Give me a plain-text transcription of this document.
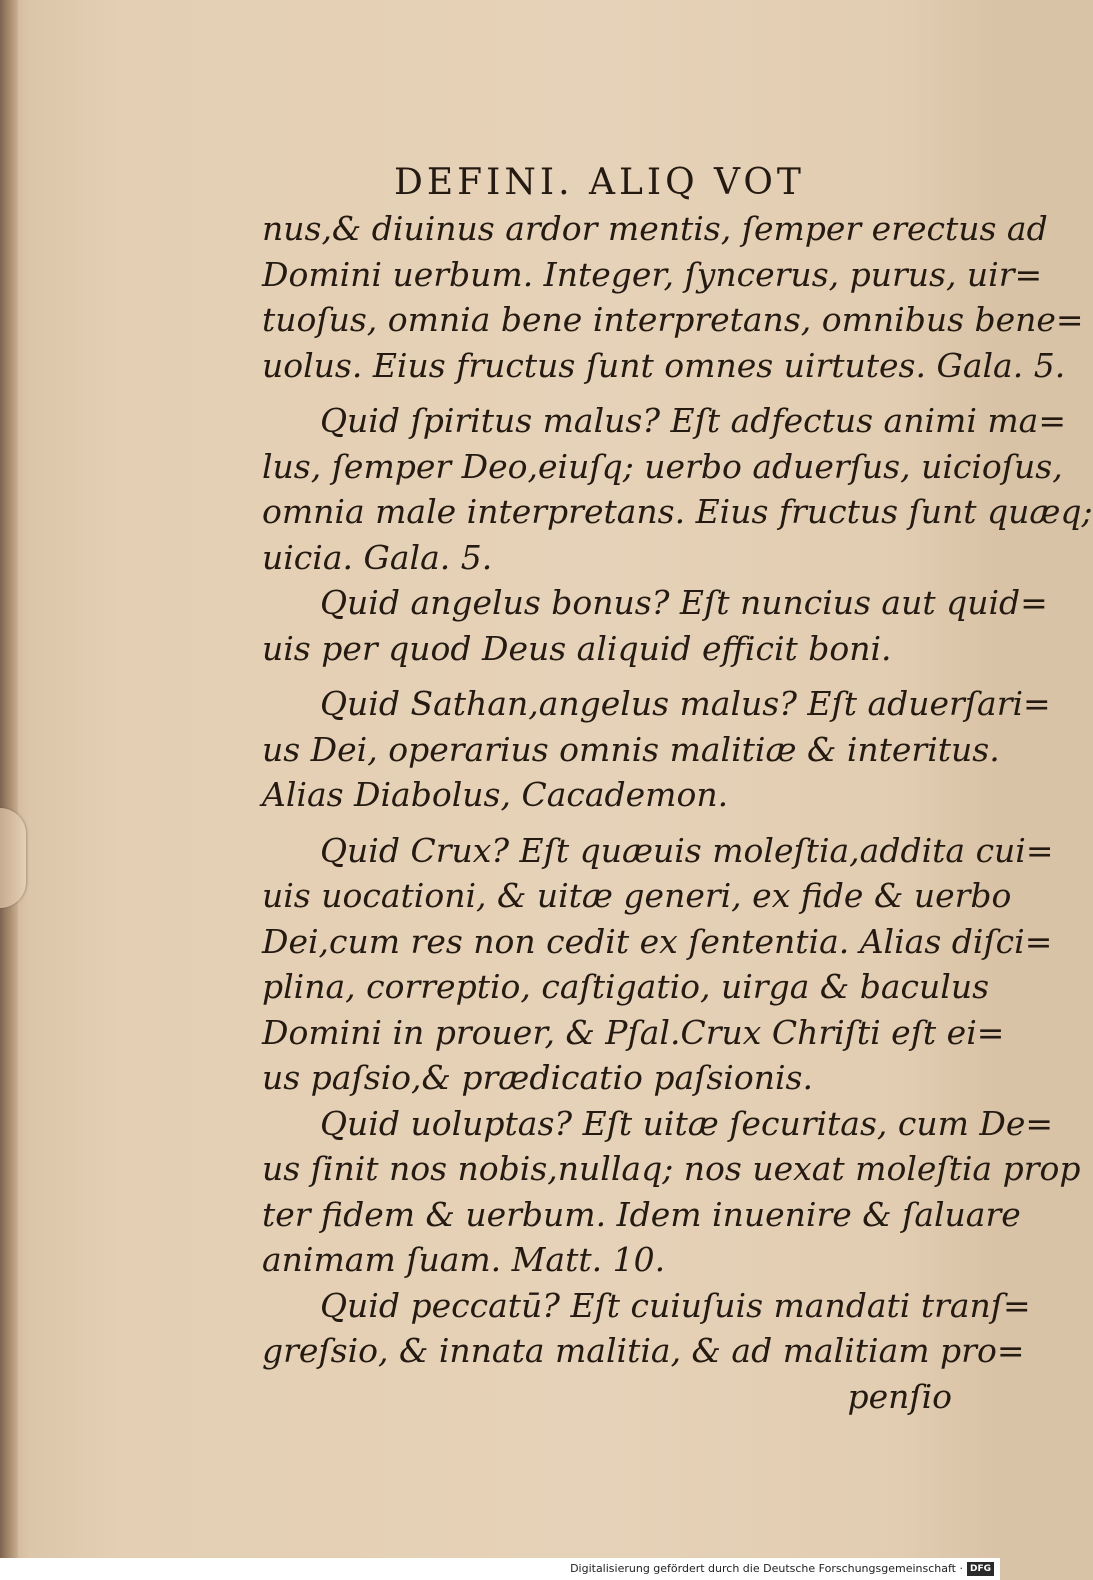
DEFINI. ALIQ VOT
nus,& diuinus ardor mentis, ſemper erectus ad
Domini uerbum. Integer, ſyncerus, purus, uir=
tuoſus, omnia bene interpretans, omnibus bene=
uolus. Eius fructus ſunt omnes uirtutes. Gala. 5.
Quid ſpiritus malus? Eſt adfectus animi ma=
lus, ſemper Deo,eiuſq; uerbo aduerſus, uicioſus,
omnia male interpretans. Eius fructus ſunt quæq;
uicia. Gala. 5.
Quid angelus bonus? Eſt nuncius aut quid=
uis per quod Deus aliquid efficit boni.
Quid Sathan,angelus malus? Eſt aduerſari=
us Dei, operarius omnis malitiæ & interitus.
Alias Diabolus, Cacademon.
Quid Crux? Eſt quæuis moleſtia,addita cui=
uis uocationi, & uitæ generi, ex fide & uerbo
Dei,cum res non cedit ex ſententia. Alias diſci=
plina, correptio, caſtigatio, uirga & baculus
Domini in prouer, & Pſal.Crux Chriſti eſt ei=
us paſsio,& prædicatio paſsionis.
Quid uoluptas? Eſt uitæ ſecuritas, cum De=
us ſinit nos nobis,nullaq; nos uexat moleſtia prop
ter fidem & uerbum. Idem inuenire & ſaluare
animam ſuam. Matt. 10.
Quid peccatū? Eſt cuiuſuis mandati tranſ=
greſsio, & innata malitia, & ad malitiam pro=
penſio
Digitalisierung gefördert durch die Deutsche Forschungsgemeinschaft · DFG
